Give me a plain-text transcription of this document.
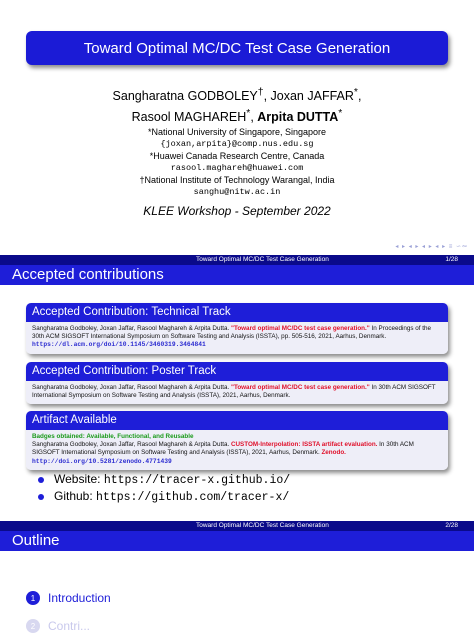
Toward Optimal MC/DC Test Case Generation
Sangharatna GODBOLEY†, Joxan JAFFAR*,
Rasool MAGHAREH*, Arpita DUTTA*
*National University of Singapore, Singapore
{joxan,arpita}@comp.nus.edu.sg
*Huawei Canada Research Centre, Canada
rasool.maghareh@huawei.com
†National Institute of Technology Warangal, India
sanghu@nitw.ac.in
KLEE Workshop - September 2022
◂ ▸ ◂ ▸ ◂ ▸ ◂ ▸ ≡ ∽∾
Toward Optimal MC/DC Test Case Generation	1/28
Accepted contributions
Accepted Contribution: Technical Track
Sangharatna Godboley, Joxan Jaffar, Rasool Maghareh & Arpita Dutta. "Toward optimal MC/DC test case generation." In Proceedings of the 30th ACM SIGSOFT International Symposium on Software Testing and Analysis (ISSTA), pp. 505-516, 2021, Aarhus, Denmark.
https://dl.acm.org/doi/10.1145/3460319.3464841
Accepted Contribution: Poster Track
Sangharatna Godboley, Joxan Jaffar, Rasool Maghareh & Arpita Dutta. "Toward optimal MC/DC test case generation." In 30th ACM SIGSOFT International Symposium on Software Testing and Analysis (ISSTA), 2021, Aarhus, Denmark.
Artifact Available
Badges obtained: Available, Functional, and Reusable
Sangharatna Godboley, Joxan Jaffar, Rasool Maghareh & Arpita Dutta. CUSTOM-Interpolation: ISSTA artifact evaluation. In 30th ACM SIGSOFT International Symposium on Software Testing and Analysis (ISSTA), 2021, Aarhus, Denmark. Zenodo. http://doi.org/10.5281/zenodo.4771439
Website: https://tracer-x.github.io/
Github: https://github.com/tracer-x/
Toward Optimal MC/DC Test Case Generation	2/28
Outline
1	Introduction
2	Contri...
